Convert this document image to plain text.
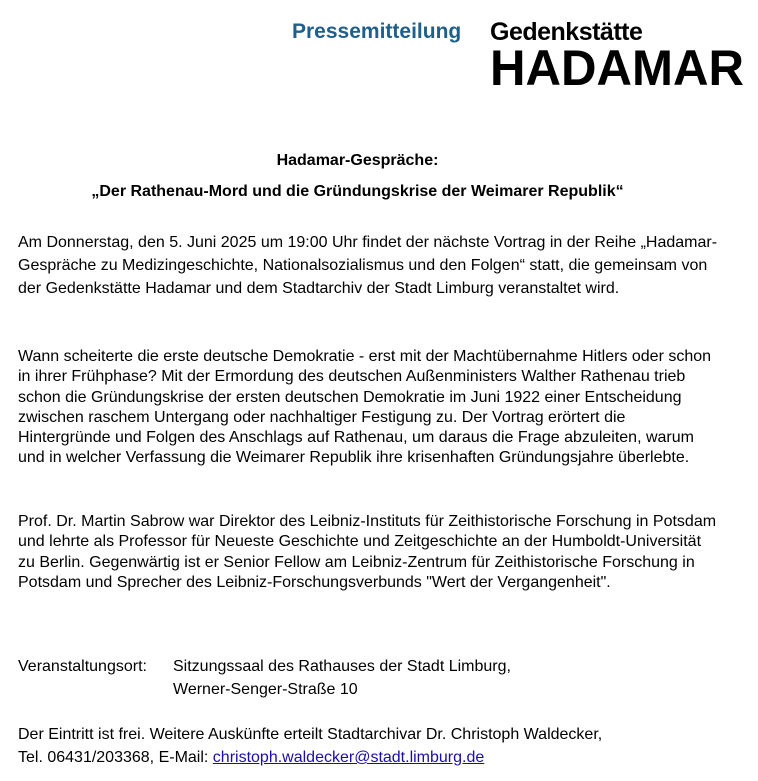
Pressemitteilung Gedenkstätte
HADAMAR
Hadamar-Gespräche:
„Der Rathenau-Mord und die Gründungskrise der Weimarer Republik“

Am Donnerstag, den 5. Juni 2025 um 19:00 Uhr findet der nächste Vortrag in der Reihe „Hadamar-Gespräche zu Medizingeschichte, Nationalsozialismus und den Folgen“ statt, die gemeinsam von der Gedenkstätte Hadamar und dem Stadtarchiv der Stadt Limburg veranstaltet wird.

Wann scheiterte die erste deutsche Demokratie - erst mit der Machtübernahme Hitlers oder schon in ihrer Frühphase? Mit der Ermordung des deutschen Außenministers Walther Rathenau trieb schon die Gründungskrise der ersten deutschen Demokratie im Juni 1922 einer Entscheidung zwischen raschem Untergang oder nachhaltiger Festigung zu. Der Vortrag erörtert die Hintergründe und Folgen des Anschlags auf Rathenau, um daraus die Frage abzuleiten, warum und in welcher Verfassung die Weimarer Republik ihre krisenhaften Gründungsjahre überlebte.

Prof. Dr. Martin Sabrow war Direktor des Leibniz-Instituts für Zeithistorische Forschung in Potsdam und lehrte als Professor für Neueste Geschichte und Zeitgeschichte an der Humboldt-Universität zu Berlin. Gegenwärtig ist er Senior Fellow am Leibniz-Zentrum für Zeithistorische Forschung in Potsdam und Sprecher des Leibniz-Forschungsverbunds "Wert der Vergangenheit".

Veranstaltungsort: Sitzungssaal des Rathauses der Stadt Limburg,
Werner-Senger-Straße 10
Der Eintritt ist frei. Weitere Auskünfte erteilt Stadtarchivar Dr. Christoph Waldecker,
Tel. 06431/203368, E-Mail: christoph.waldecker@stadt.limburg.de
